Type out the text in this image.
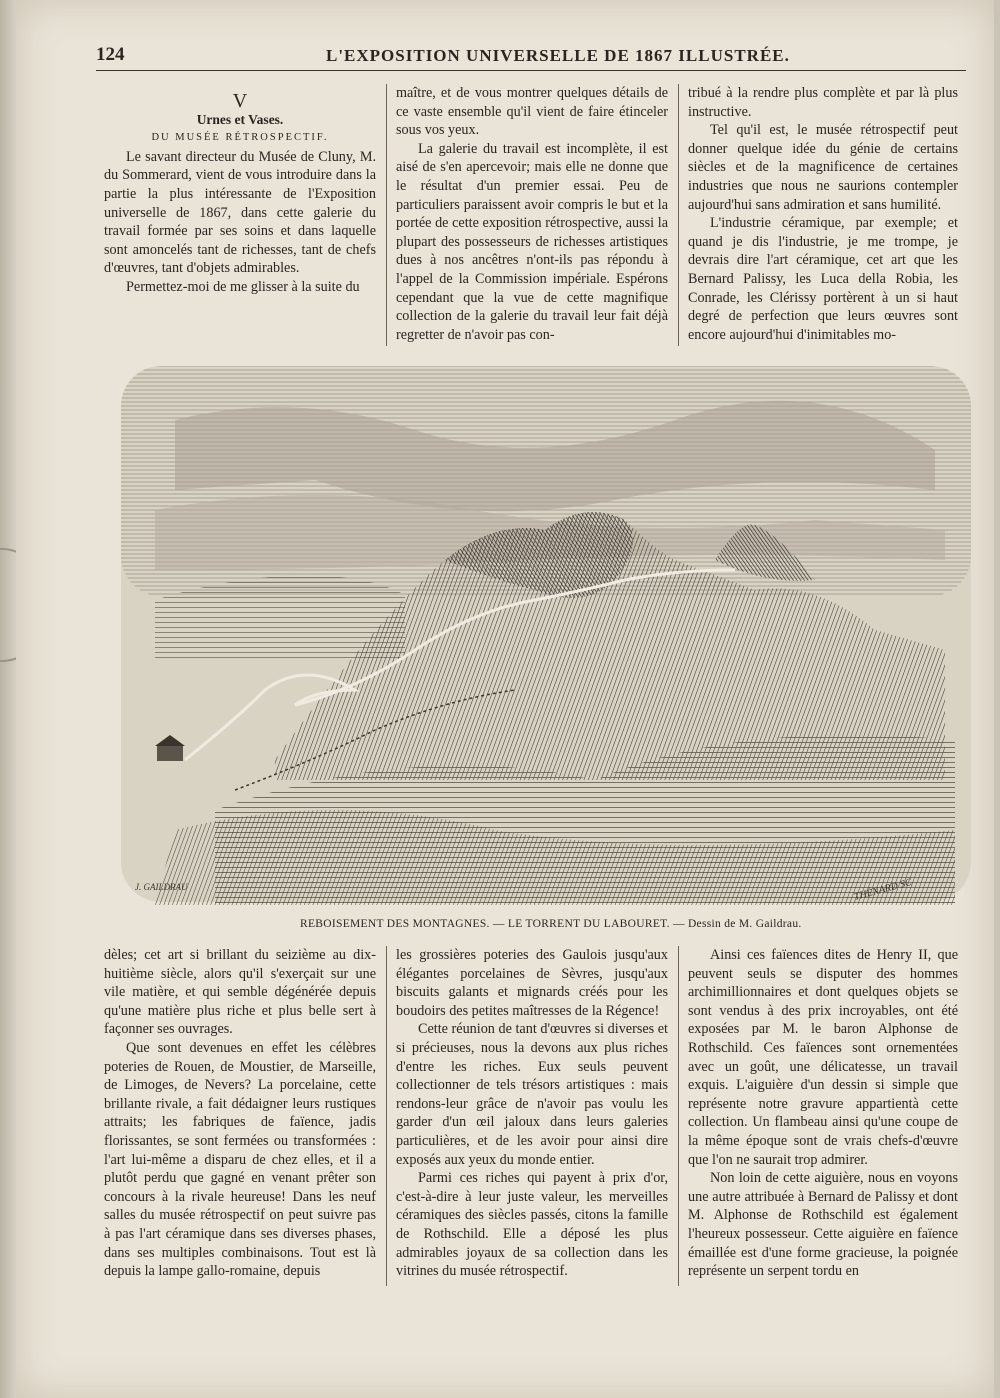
124	L'EXPOSITION UNIVERSELLE DE 1867 ILLUSTRÉE.

V

Urnes et Vases.

DU MUSÉE RÉTROSPECTIF.

Le savant directeur du Musée de Cluny, M. du Sommerard, vient de vous introduire dans la partie la plus intéressante de l'Exposition universelle de 1867, dans cette galerie du travail formée par ses soins et dans laquelle sont amoncelés tant de richesses, tant de chefs d'œuvres, tant d'objets admirables.

Permettez-moi de me glisser à la suite du

maître, et de vous montrer quelques détails de ce vaste ensemble qu'il vient de faire étinceler sous vos yeux.

La galerie du travail est incomplète, il est aisé de s'en apercevoir; mais elle ne donne que le résultat d'un premier essai. Peu de particuliers paraissent avoir compris le but et la portée de cette exposition rétrospective, aussi la plupart des possesseurs de richesses artistiques dues à nos ancêtres n'ont-ils pas répondu à l'appel de la Commission impériale. Espérons cependant que la vue de cette magnifique collection de la galerie du travail leur fait déjà regretter de n'avoir pas con-

tribué à la rendre plus complète et par là plus instructive.

Tel qu'il est, le musée rétrospectif peut donner quelque idée du génie de certains siècles et de la magnificence de certaines industries que nous ne saurions contempler aujourd'hui sans admiration et sans humilité.

L'industrie céramique, par exemple; et quand je dis l'industrie, je me trompe, je devrais dire l'art céramique, cet art que les Bernard Palissy, les Luca della Robia, les Conrade, les Clérissy portèrent à un si haut degré de perfection que leurs œuvres sont encore aujourd'hui d'inimitables mo-

J. GAILDRAU	THÉNARD SC
REBOISEMENT DES MONTAGNES. — LE TORRENT DU LABOURET. — Dessin de M. Gaildrau.

dèles; cet art si brillant du seizième au dix-huitième siècle, alors qu'il s'exerçait sur une vile matière, et qui semble dégénérée depuis qu'une matière plus riche et plus belle sert à façonner ses ouvrages.

Que sont devenues en effet les célèbres poteries de Rouen, de Moustier, de Marseille, de Limoges, de Nevers? La porcelaine, cette brillante rivale, a fait dédaigner leurs rustiques attraits; les fabriques de faïence, jadis florissantes, se sont fermées ou transformées : l'art lui-même a disparu de chez elles, et il a plutôt perdu que gagné en venant prêter son concours à la rivale heureuse! Dans les neuf salles du musée rétrospectif on peut suivre pas à pas l'art céramique dans ses diverses phases, dans ses multiples combinaisons. Tout est là depuis la lampe gallo-romaine, depuis

les grossières poteries des Gaulois jusqu'aux élégantes porcelaines de Sèvres, jusqu'aux biscuits galants et mignards créés pour les boudoirs des petites maîtresses de la Régence!

Cette réunion de tant d'œuvres si diverses et si précieuses, nous la devons aux plus riches d'entre les riches. Eux seuls peuvent collectionner de tels trésors artistiques : mais rendons-leur grâce de n'avoir pas voulu les garder d'un œil jaloux dans leurs galeries particulières, et de les avoir pour ainsi dire exposés aux yeux du monde entier.

Parmi ces riches qui payent à prix d'or, c'est-à-dire à leur juste valeur, les merveilles céramiques des siècles passés, citons la famille de Rothschild. Elle a déposé les plus admirables joyaux de sa collection dans les vitrines du musée rétrospectif.

Ainsi ces faïences dites de Henry II, que peuvent seuls se disputer des hommes archimillionnaires et dont quelques objets se sont vendus à des prix incroyables, ont été exposées par M. le baron Alphonse de Rothschild. Ces faïences sont ornementées avec un goût, une délicatesse, un travail exquis. L'aiguière d'un dessin si simple que représente notre gravure appartientà cette collection. Un flambeau ainsi qu'une coupe de la même époque sont de vrais chefs-d'œuvre que l'on ne saurait trop admirer.

Non loin de cette aiguière, nous en voyons une autre attribuée à Bernard de Palissy et dont M. Alphonse de Rothschild est également l'heureux possesseur. Cette aiguière en faïence émaillée est d'une forme gracieuse, la poignée représente un serpent tordu en
